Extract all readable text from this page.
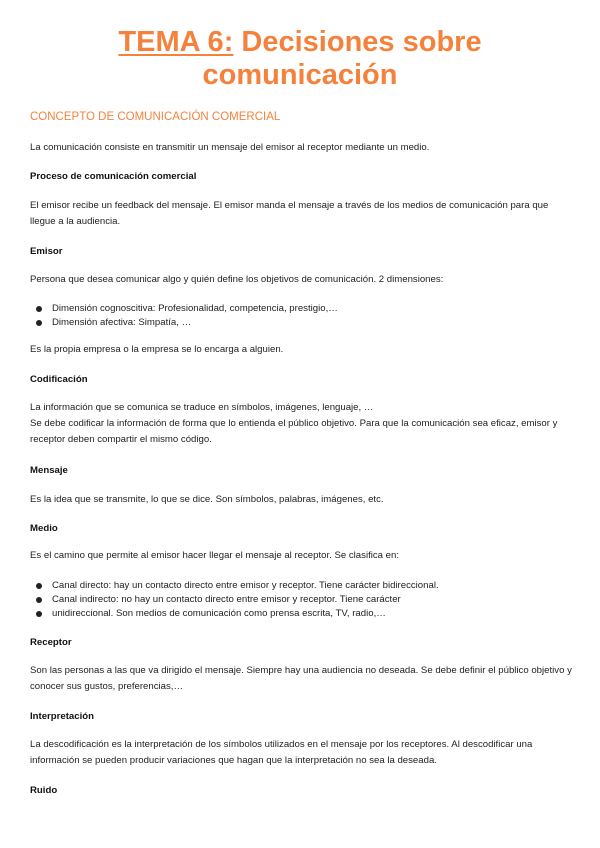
TEMA 6: Decisiones sobre
comunicación
CONCEPTO DE COMUNICACIÓN COMERCIAL
La comunicación consiste en transmitir un mensaje del emisor al receptor mediante un medio.
Proceso de comunicación comercial
El emisor recibe un feedback del mensaje. El emisor manda el mensaje a través de los medios de comunicación para que llegue a la audiencia.
Emisor
Persona que desea comunicar algo y quién define los objetivos de comunicación. 2 dimensiones:
Dimensión cognoscitiva: Profesionalidad, competencia, prestigio,…
Dimensión afectiva: Simpatía, …
Es la propia empresa o la empresa se lo encarga a alguien.
Codificación
La información que se comunica se traduce en símbolos, imágenes, lenguaje, …
Se debe codificar la información de forma que lo entienda el público objetivo. Para que la comunicación sea eficaz, emisor y receptor deben compartir el mismo código.
Mensaje
Es la idea que se transmite, lo que se dice. Son símbolos, palabras, imágenes, etc.
Medio
Es el camino que permite al emisor hacer llegar el mensaje al receptor. Se clasifica en:
Canal directo: hay un contacto directo entre emisor y receptor. Tiene carácter bidireccional.
Canal indirecto: no hay un contacto directo entre emisor y receptor. Tiene carácter
unidireccional. Son medios de comunicación como prensa escrita, TV, radio,…
Receptor
Son las personas a las que va dirigido el mensaje. Siempre hay una audiencia no deseada. Se debe definir el público objetivo y conocer sus gustos, preferencias,…
Interpretación
La descodificación es la interpretación de los símbolos utilizados en el mensaje por los receptores. Al descodificar una información se pueden producir variaciones que hagan que la interpretación no sea la deseada.
Ruido
